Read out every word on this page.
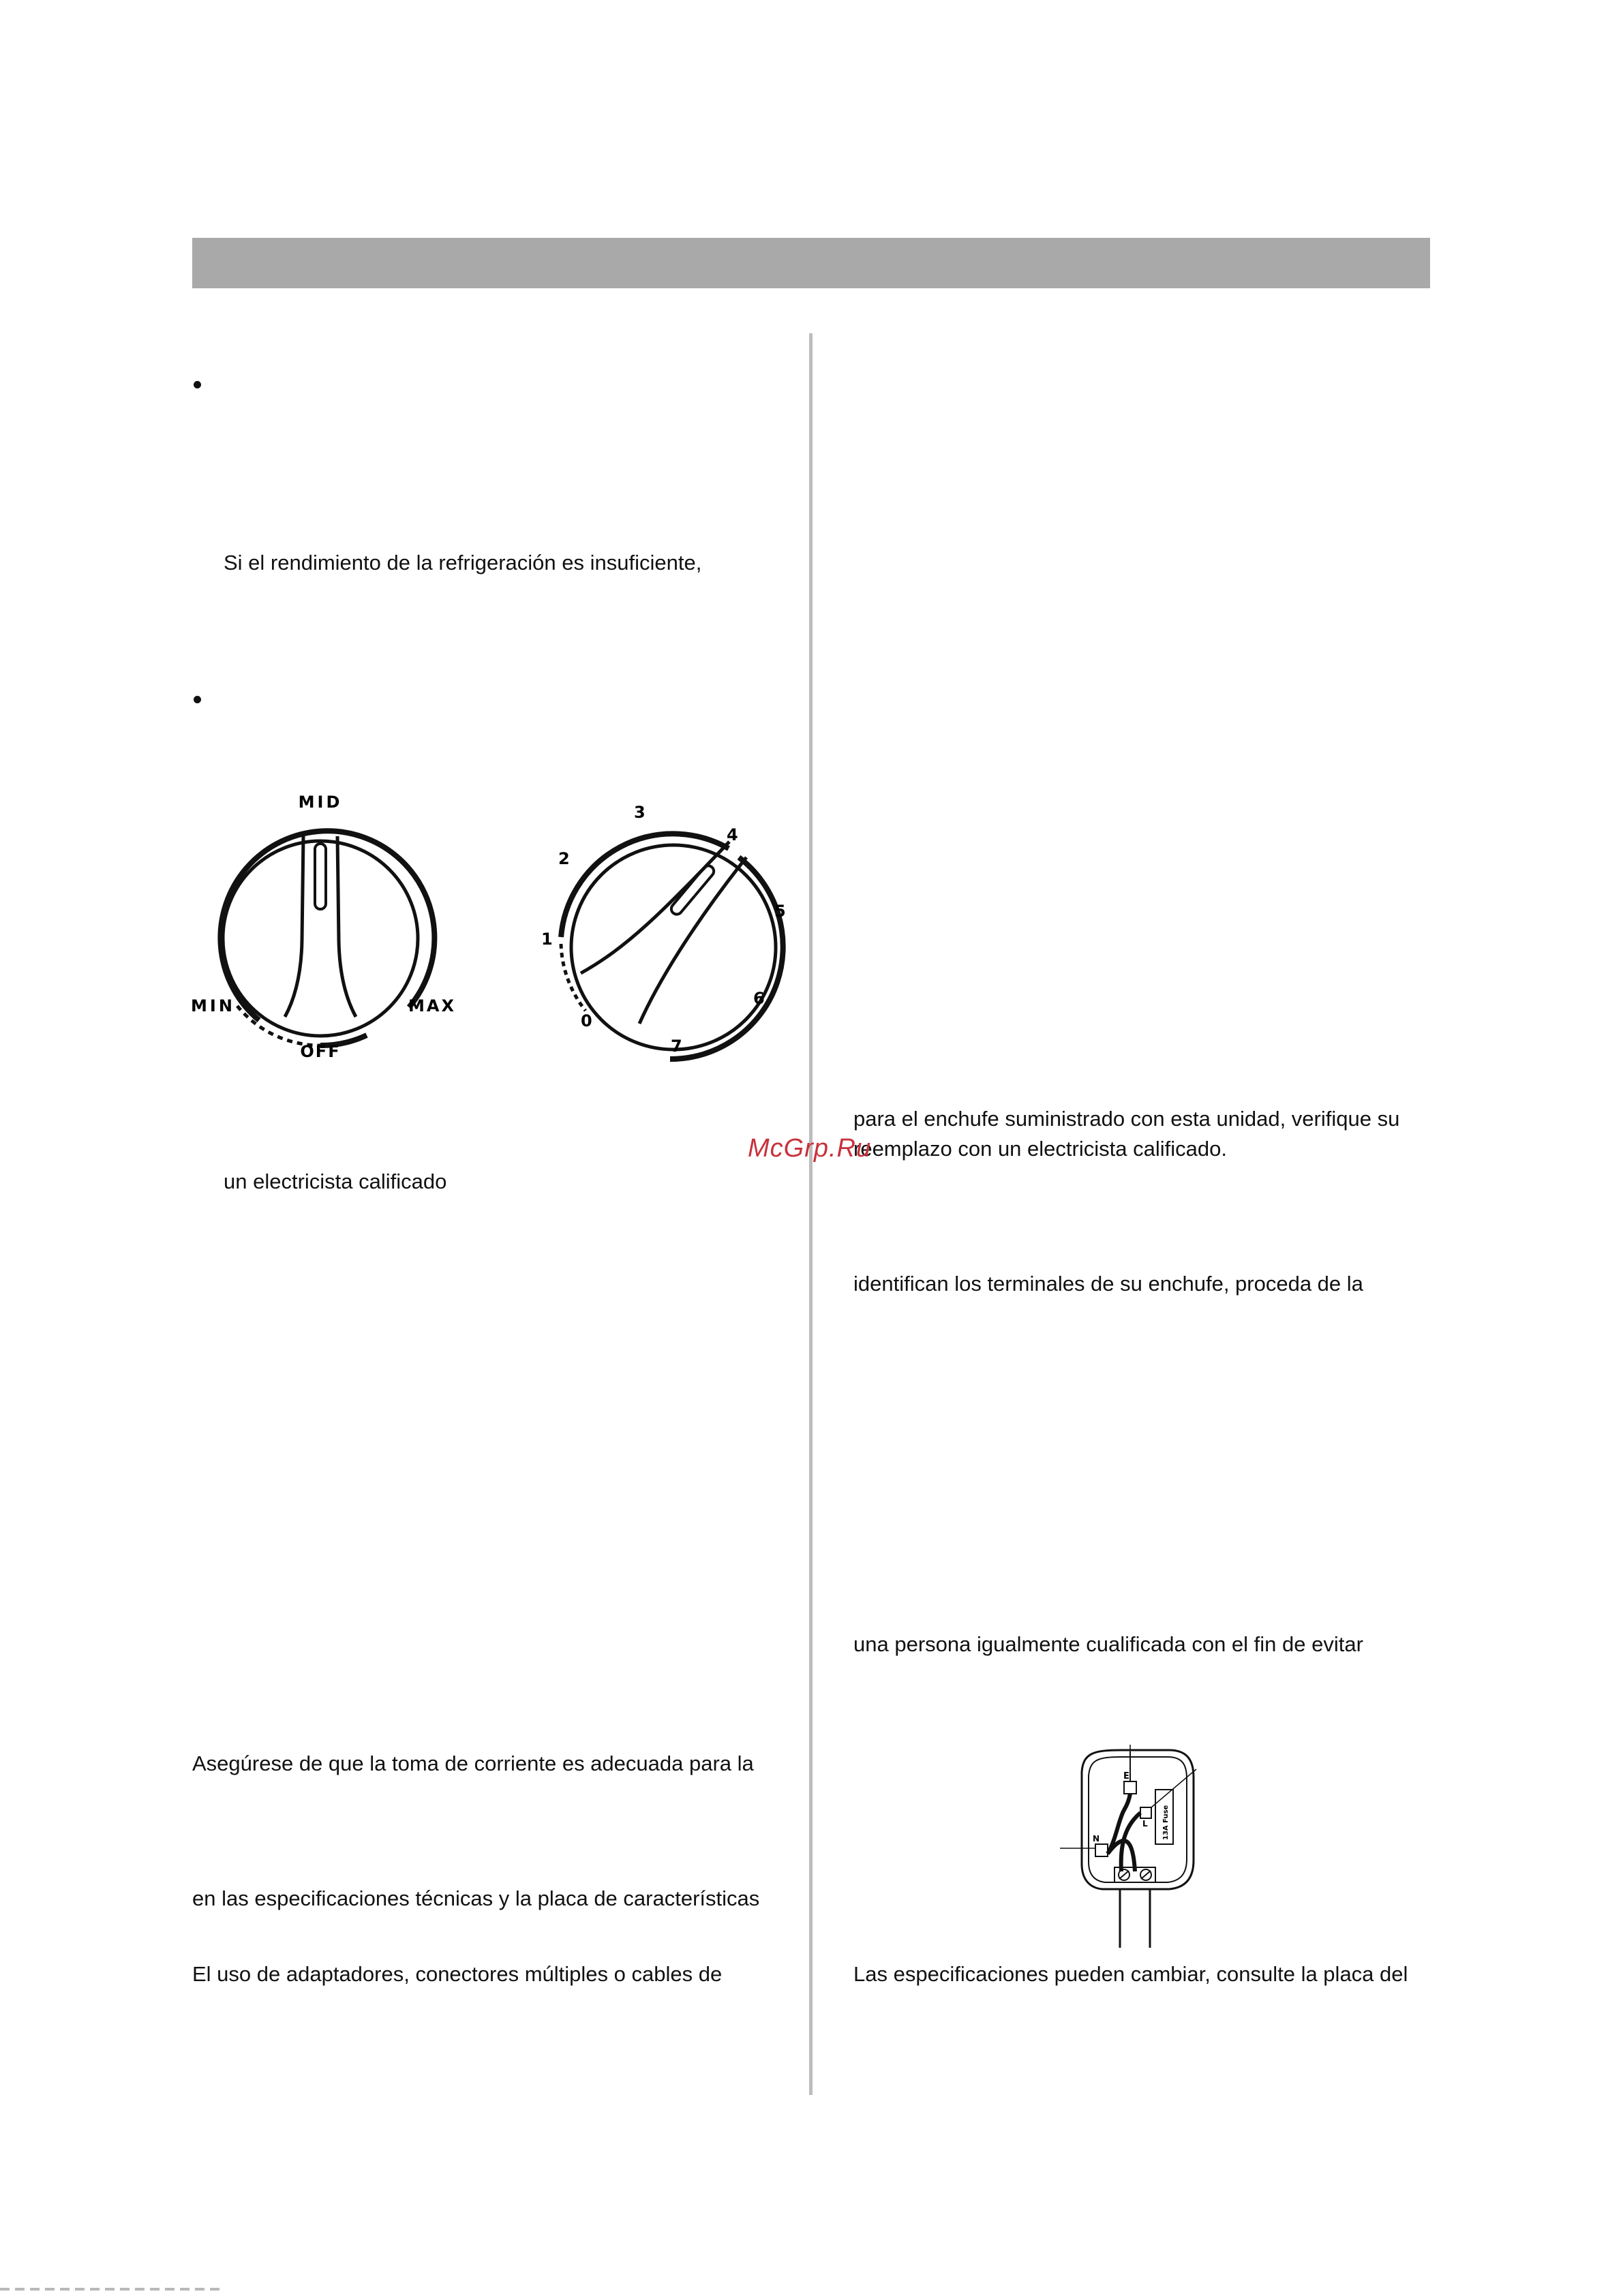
Si el rendimiento de la refrigeración es insuficiente,
MID
MIN	MAX
OFF
0
1
2
3
4
5
6
7
un electricista calificado
Asegúrese de que la toma de corriente es adecuada para la
en las especificaciones técnicas y la placa de características
El uso de adaptadores, conectores múltiples o cables de
para el enchufe suministrado con esta unidad, verifique su
reemplazo con un electricista calificado.
identifican los terminales de su enchufe, proceda de la
una persona igualmente cualificada con el fin de evitar
E
13A Fuse
L
N
Las especificaciones pueden cambiar, consulte la placa del
McGrp.Ru
